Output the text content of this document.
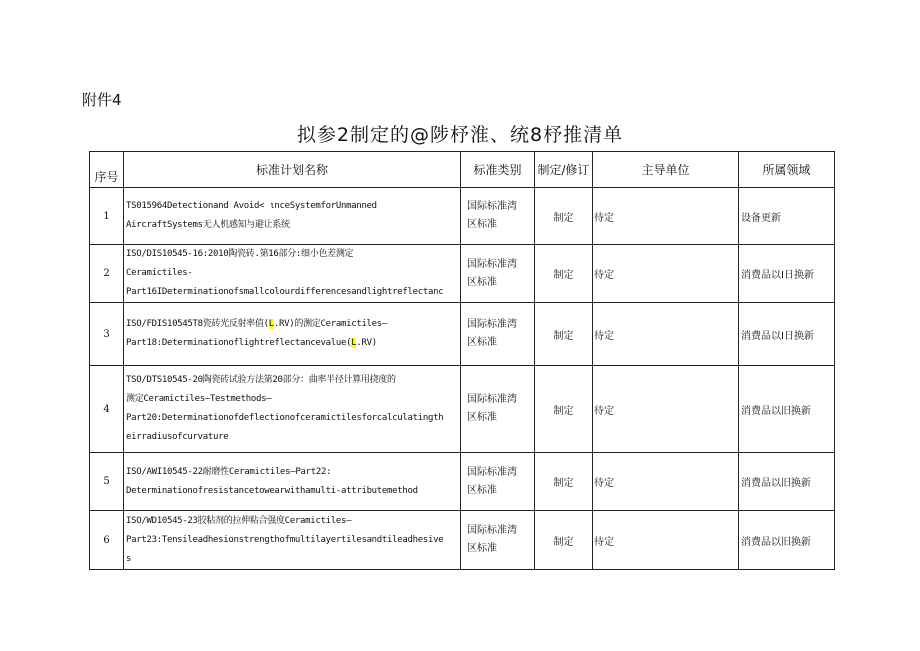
附件4
拟参2制定的@陟杼淮、统8杼推清单
序号	标准计划名称	标准类别	制定/修订	主导单位	所属领域
1	TS015964Detectionand Avoid< ιnceSystemforUnmanned
AircraftSystems无人机感知与避让系统	国际标准湾
区标准	制定	待定	设备更新
2	ISO/DIS10545-16:2010陶瓷砖.第16部分:细小色差测定
Ceramictiles-
Part16IDeterminationofsmallcolourdifferencesandlightreflectanc	国际标准湾
区标准	制定	待定	消费品以I日换新
3	ISO/FDIS10545T8瓷砖光反射率值(L.RV)的测定Ceramictiles—
Part18:Determinationoflightreflectancevalue(L.RV)	国际标准湾
区标准	制定	待定	消费品以I日换新
4	TSO/DTS10545-20陶瓷砖试验方法第20部分：曲率半径计算用挠度的
测定Ceramictiles—Testmethods—
Part20:Determinationofdeflectionofceramictilesforcalculatingth
eirradiusofcurvature	国际标准湾
区标准	制定	待定	消费品以旧换新
5	ISO/AWI10545-22耐磨性Ceramictiles—Part22:
Determinationofresistancetowearwithamulti-attributemethod	国际标准湾
区标准	制定	待定	消费品以旧换新
6	ISO/WD10545-23胶粘剂的拉伸粘合强度Ceramictiles—
Part23:Tensileadhesionstrengthofmultilayertilesandtileadhesive
s	国际标准湾
区标准	制定	待定	消费品以旧换新
